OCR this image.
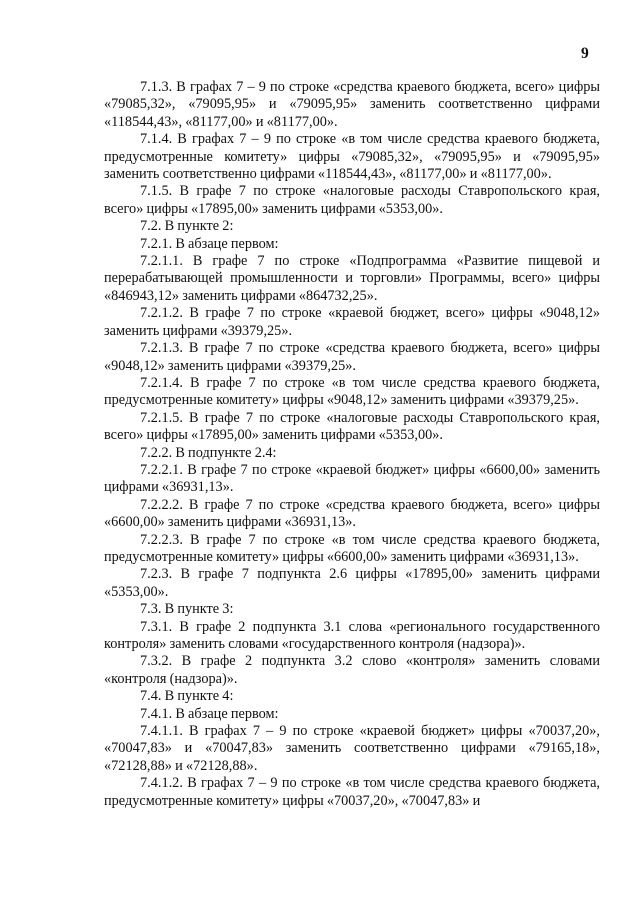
9

7.1.3. В графах 7 – 9 по строке «средства краевого бюджета, всего» цифры «79085,32», «79095,95» и «79095,95» заменить соответственно цифрами «118544,43», «81177,00» и «81177,00».

7.1.4. В графах 7 – 9 по строке «в том числе средства краевого бюджета, предусмотренные комитету» цифры «79085,32», «79095,95» и «79095,95» заменить соответственно цифрами «118544,43», «81177,00» и «81177,00».

7.1.5. В графе 7 по строке «налоговые расходы Ставропольского края, всего» цифры «17895,00» заменить цифрами «5353,00».

7.2. В пункте 2:

7.2.1. В абзаце первом:

7.2.1.1. В графе 7 по строке «Подпрограмма «Развитие пищевой и перерабатывающей промышленности и торговли» Программы, всего» цифры «846943,12» заменить цифрами «864732,25».

7.2.1.2. В графе 7 по строке «краевой бюджет, всего» цифры «9048,12» заменить цифрами «39379,25».

7.2.1.3. В графе 7 по строке «средства краевого бюджета, всего» цифры «9048,12» заменить цифрами «39379,25».

7.2.1.4. В графе 7 по строке «в том числе средства краевого бюджета, предусмотренные комитету» цифры «9048,12» заменить цифрами «39379,25».

7.2.1.5. В графе 7 по строке «налоговые расходы Ставропольского края, всего» цифры «17895,00» заменить цифрами «5353,00».

7.2.2. В подпункте 2.4:

7.2.2.1. В графе 7 по строке «краевой бюджет» цифры «6600,00» заменить цифрами «36931,13».

7.2.2.2. В графе 7 по строке «средства краевого бюджета, всего» цифры «6600,00» заменить цифрами «36931,13».

7.2.2.3. В графе 7 по строке «в том числе средства краевого бюджета, предусмотренные комитету» цифры «6600,00» заменить цифрами «36931,13».

7.2.3. В графе 7 подпункта 2.6 цифры «17895,00» заменить цифрами «5353,00».

7.3. В пункте 3:

7.3.1. В графе 2 подпункта 3.1 слова «регионального государственного контроля» заменить словами «государственного контроля (надзора)».

7.3.2. В графе 2 подпункта 3.2 слово «контроля» заменить словами «контроля (надзора)».

7.4. В пункте 4:

7.4.1. В абзаце первом:

7.4.1.1. В графах 7 – 9 по строке «краевой бюджет» цифры «70037,20», «70047,83» и «70047,83» заменить соответственно цифрами «79165,18», «72128,88» и «72128,88».

7.4.1.2. В графах 7 – 9 по строке «в том числе средства краевого бюджета, предусмотренные комитету» цифры «70037,20», «70047,83» и
